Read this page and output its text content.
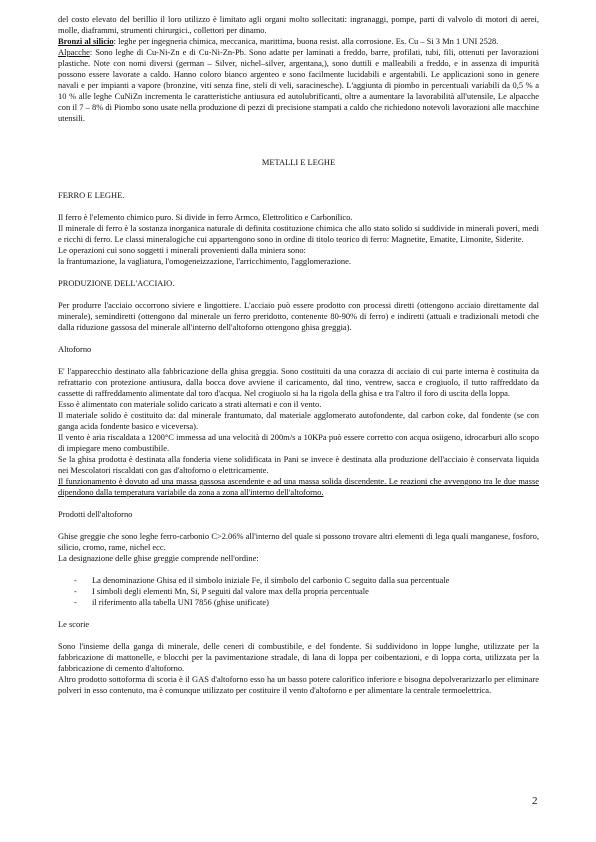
del costo elevato del berillio il loro utilizzo è limitato agli organi molto sollecitati: ingranaggi, pompe, parti di valvolo di motori di aerei, molle, diaframmi, strumenti chirurgici., collettori per dinamo.

Bronzi al silicio: leghe per ingegneria chimica, meccanica, marittima, buona resist. alla corrosione. Es. Cu – Si 3 Mn 1 UNI 2528.

Alpacche: Sono leghe di Cu-Ni-Zn e di Cu-Ni-Zn-Pb. Sono adatte per laminati a freddo, barre, profilati, tubi, fili, ottenuti per lavorazioni plastiche. Note con nomi diversi (german – Silver, nichel–silver, argentana,), sono duttili e malleabili a freddo, e in assenza di impurità possono essere lavorate a caldo. Hanno coloro bianco argenteo e sono facilmente lucidabili e argentabili. Le applicazioni sono in genere navali e per impianti a vapore (bronzine, viti senza fine, steli di veli, saracinesche). L'aggiunta di piombo in percentuali variabili da 0,5 % a 10 % alle leghe CuNiZn incrementa le caratteristiche antiusura ed autolubrificanti, oltre a aumentare la lavorabilità all'utensile, Le alpacche con il 7 – 8% di Piombo sono usate nella produzione di pezzi di precisione stampati a caldo che richiedono notevoli lavorazioni alle macchine utensili.

METALLI E LEGHE

FERRO E LEGHE.

Il ferro è l'elemento chimico puro. Si divide in ferro Armco, Elettrolitico e Carbonilico.

Il minerale di ferro è la sostanza inorganica naturale di definita costituzione chimica che allo stato solido si suddivide in minerali poveri, medi e ricchi di ferro. Le classi mineralogiche cui appartengono sono in ordine di titolo teorico di ferro: Magnetite, Ematite, Limonite, Siderite.

Le operazioni cui sono soggetti i minerali provenienti dalla miniera sono:

la frantumazione, la vagliatura, l'omogeneizzazione, l'arricchimento, l'agglomerazione.

PRODUZIONE DELL'ACCIAIO.

Per produrre l'acciaio occorrono siviere e lingottiere. L'acciaio può essere prodotto con processi diretti (ottengono acciaio direttamente dal minerale), semindiretti (ottengono dal minerale un ferro preridotto, contenente 80-90% di ferro) e indiretti (attuali e tradizionali metodi che dalla riduzione gassosa del minerale all'interno dell'altoforno ottengono ghisa greggia).

Altoforno

E' l'apparecchio destinato alla fabbricazione della ghisa greggia. Sono costituiti da una corazza di acciaio di cui parte interna è costituita da refrattario con protezione antiusura, dalla bocca dove avviene il caricamento, dal tino, ventrew, sacca e crogiuolo, il tutto raffreddato da cassette di raffreddamento alimentate dal toro d'acqua. Nel crogiuolo si ha la rigola della ghisa e tra l'altro il foro di uscita della loppa.

Esso è alimentato con materiale solido caricato a strati alternati e con il vento.

Il materiale solido è costituito da: dal minerale frantumato, dal materiale agglomerato autofondente, dal carbon coke, dal fondente (se con ganga acida fondente basico e viceversa).

Il vento è aria riscaldata a 1200°C immessa ad una velocità di 200m/s a 10KPa può essere corretto con acqua osiigeno, idrocarburi allo scopo di impiegare meno combustibile.

Se la ghisa prodotta è destinata alla fonderia viene solidificata in Pani se invece è destinata alla produzione dell'acciaio è conservata liquida nei Mescolatori riscaldati con gas d'altoforno o elettricamente.

Il funzionamento è dovuto ad una massa gassosa ascendente e ad una massa solida discendente. Le reazioni che avvengono tra le due masse dipendono dalla temperatura variabile da zona a zona all'interno dell'altoforno.

Prodotti dell'altoforno

Ghise greggie che sono leghe ferro-carbonio C>2.06% all'interno del quale si possono trovare altri elementi di lega quali manganese, fosforo, silicio, cromo, rame, nichel ecc.

La designazione delle ghise greggie comprende nell'ordine:

- La denominazione Ghisa ed il simbolo iniziale Fe, il simbolo del carbonio C seguito dalla sua percentuale
- I simboli degli elementi Mn, Si, P seguiti dal valore max della propria percentuale
- il riferimento alla tabella UNI 7856 (ghise unificate)

Le scorie

Sono l'insieme della ganga di minerale, delle ceneri di combustibile, e del fondente. Si suddividono in loppe lunghe, utilizzate per la fabbricazione di mattonelle, e blocchi per la pavimentazione stradale, di lana di loppa per coibentazioni, e di loppa corta, utilizzata per la fabbricazione di cemento d'altoforno.

Altro prodotto sottoforma di scoria è il GAS d'altoforno esso ha un basso potere calorifico inferiore e bisogna depolverarizzarlo per eliminare polveri in esso contenuto, ma è comunque utilizzato per costituire il vento d'altoforno e per alimentare la centrale termoelettrica.

2
